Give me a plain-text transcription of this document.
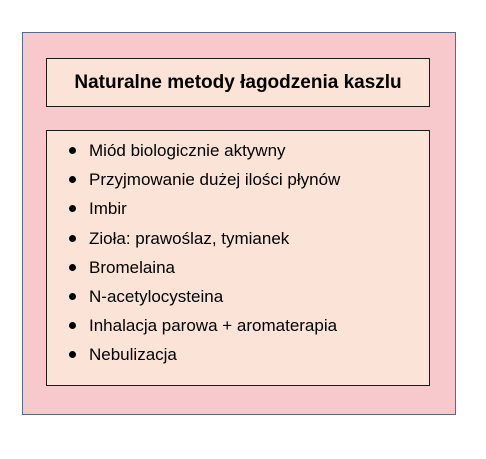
Naturalne metody łagodzenia kaszlu
Miód biologicznie aktywny
Przyjmowanie dużej ilości płynów
Imbir
Zioła: prawoślaz, tymianek
Bromelaina
N-acetylocysteina
Inhalacja parowa + aromaterapia
Nebulizacja
